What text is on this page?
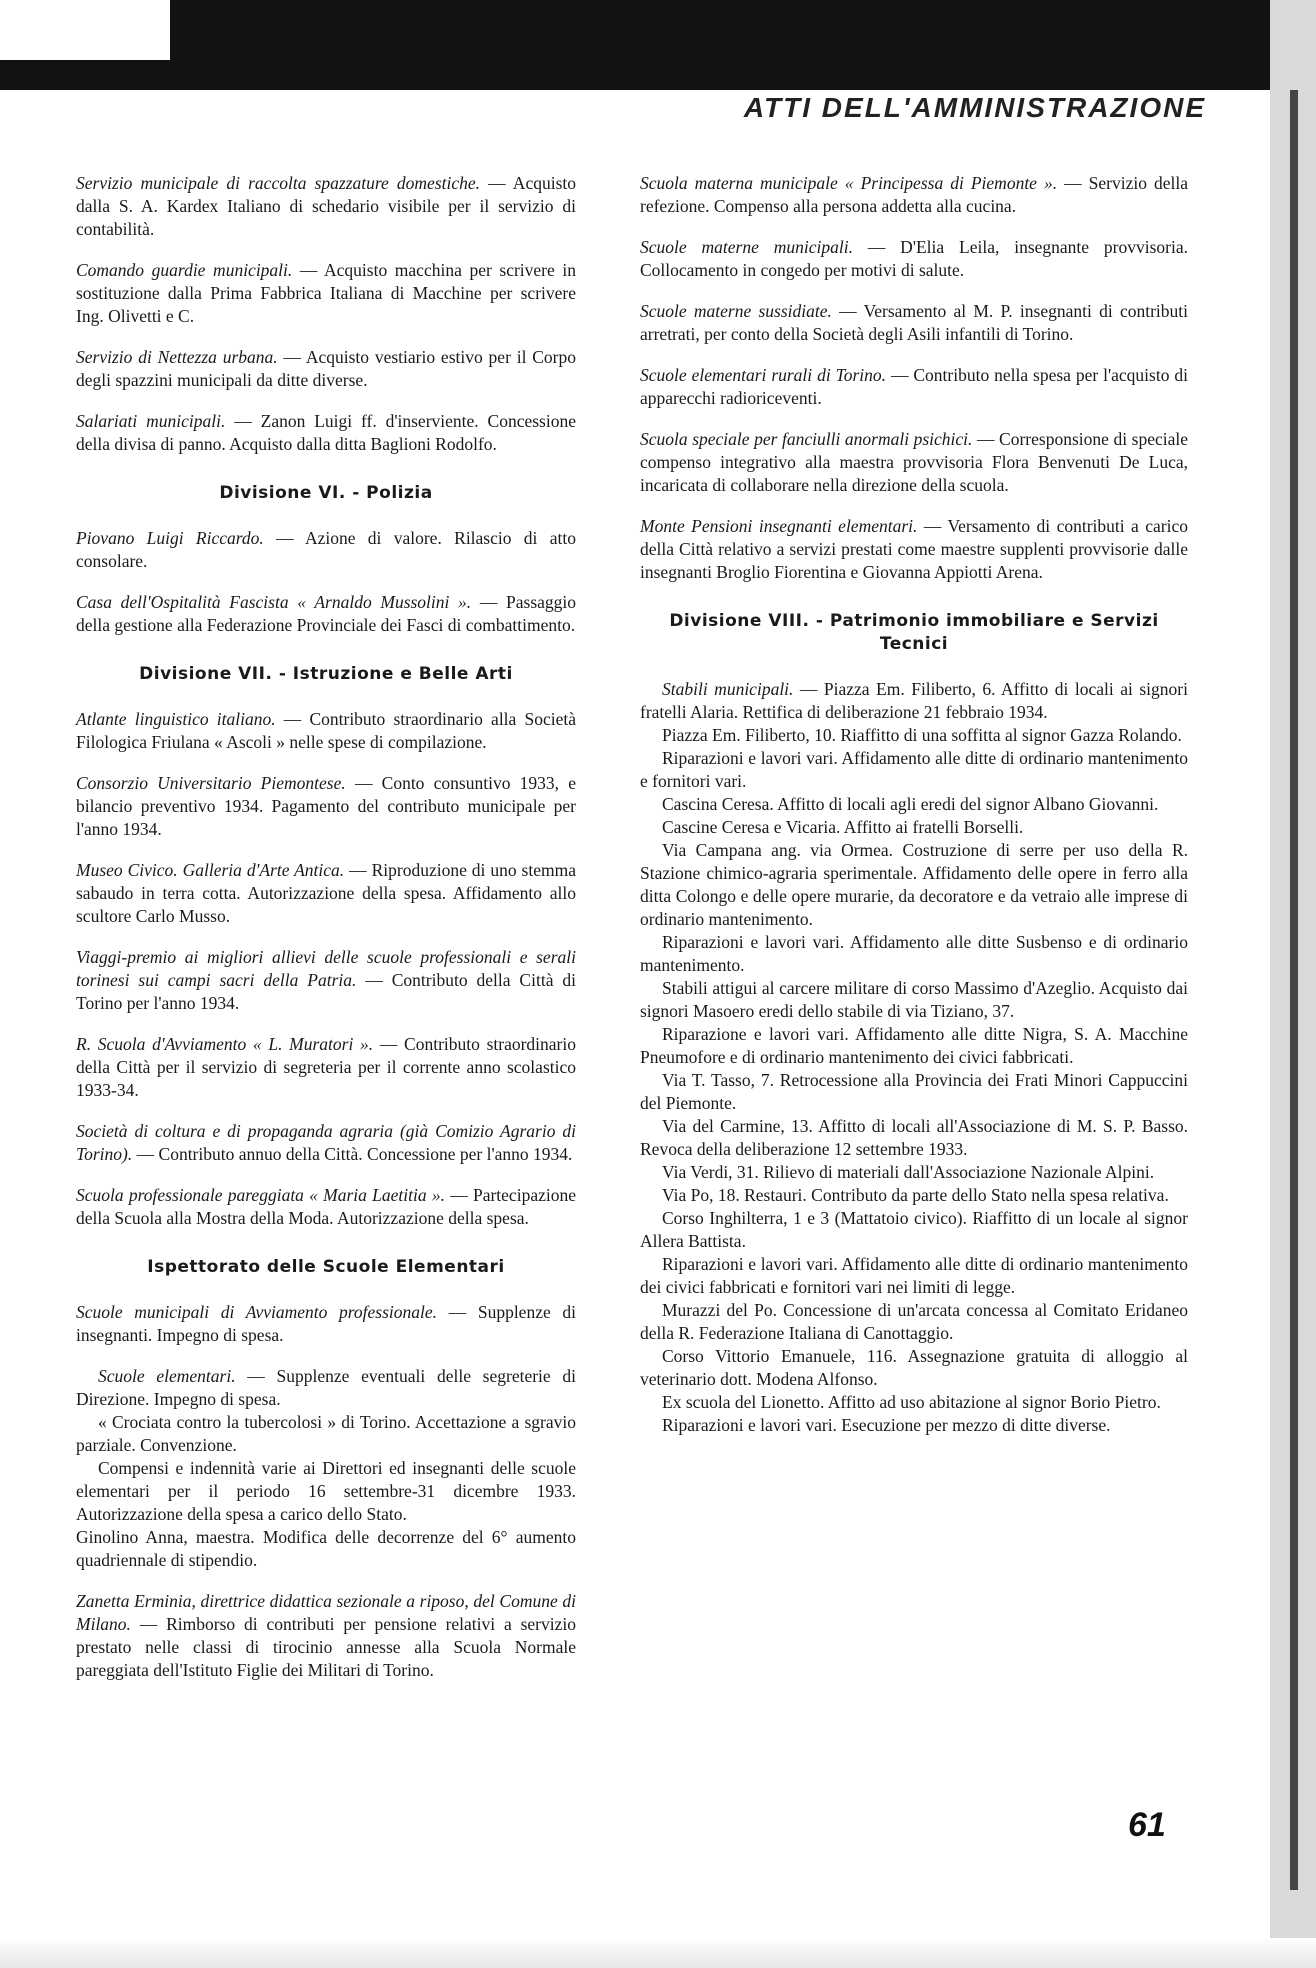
ATTI DELL'AMMINISTRAZIONE

Servizio municipale di raccolta spazzature domestiche. — Acquisto dalla S. A. Kardex Italiano di schedario visibile per il servizio di contabilità.

Comando guardie municipali. — Acquisto macchina per scrivere in sostituzione dalla Prima Fabbrica Italiana di Macchine per scrivere Ing. Olivetti e C.

Servizio di Nettezza urbana. — Acquisto vestiario estivo per il Corpo degli spazzini municipali da ditte diverse.

Salariati municipali. — Zanon Luigi ff. d'inserviente. Concessione della divisa di panno. Acquisto dalla ditta Baglioni Rodolfo.

Divisione VI. - Polizia

Piovano Luigi Riccardo. — Azione di valore. Rilascio di atto consolare.

Casa dell'Ospitalità Fascista « Arnaldo Mussolini ». — Passaggio della gestione alla Federazione Provinciale dei Fasci di combattimento.

Divisione VII. - Istruzione e Belle Arti

Atlante linguistico italiano. — Contributo straordinario alla Società Filologica Friulana « Ascoli » nelle spese di compilazione.

Consorzio Universitario Piemontese. — Conto consuntivo 1933, e bilancio preventivo 1934. Pagamento del contributo municipale per l'anno 1934.

Museo Civico. Galleria d'Arte Antica. — Riproduzione di uno stemma sabaudo in terra cotta. Autorizzazione della spesa. Affidamento allo scultore Carlo Musso.

Viaggi-premio ai migliori allievi delle scuole professionali e serali torinesi sui campi sacri della Patria. — Contributo della Città di Torino per l'anno 1934.

R. Scuola d'Avviamento « L. Muratori ». — Contributo straordinario della Città per il servizio di segreteria per il corrente anno scolastico 1933-34.

Società di coltura e di propaganda agraria (già Comizio Agrario di Torino). — Contributo annuo della Città. Concessione per l'anno 1934.

Scuola professionale pareggiata « Maria Laetitia ». — Partecipazione della Scuola alla Mostra della Moda. Autorizzazione della spesa.

Ispettorato delle Scuole Elementari

Scuole municipali di Avviamento professionale. — Supplenze di insegnanti. Impegno di spesa.

Scuole elementari. — Supplenze eventuali delle segreterie di Direzione. Impegno di spesa.

« Crociata contro la tubercolosi » di Torino. Accettazione a sgravio parziale. Convenzione.

Compensi e indennità varie ai Direttori ed insegnanti delle scuole elementari per il periodo 16 settembre-31 dicembre 1933. Autorizzazione della spesa a carico dello Stato.

Ginolino Anna, maestra. Modifica delle decorrenze del 6° aumento quadriennale di stipendio.

Zanetta Erminia, direttrice didattica sezionale a riposo, del Comune di Milano. — Rimborso di contributi per pensione relativi a servizio prestato nelle classi di tirocinio annesse alla Scuola Normale pareggiata dell'Istituto Figlie dei Militari di Torino.

Scuola materna municipale « Principessa di Piemonte ». — Servizio della refezione. Compenso alla persona addetta alla cucina.

Scuole materne municipali. — D'Elia Leila, insegnante provvisoria. Collocamento in congedo per motivi di salute.

Scuole materne sussidiate. — Versamento al M. P. insegnanti di contributi arretrati, per conto della Società degli Asili infantili di Torino.

Scuole elementari rurali di Torino. — Contributo nella spesa per l'acquisto di apparecchi radioriceventi.

Scuola speciale per fanciulli anormali psichici. — Corresponsione di speciale compenso integrativo alla maestra provvisoria Flora Benvenuti De Luca, incaricata di collaborare nella direzione della scuola.

Monte Pensioni insegnanti elementari. — Versamento di contributi a carico della Città relativo a servizi prestati come maestre supplenti provvisorie dalle insegnanti Broglio Fiorentina e Giovanna Appiotti Arena.

Divisione VIII. - Patrimonio immobiliare e Servizi Tecnici

Stabili municipali. — Piazza Em. Filiberto, 6. Affitto di locali ai signori fratelli Alaria. Rettifica di deliberazione 21 febbraio 1934.

Piazza Em. Filiberto, 10. Riaffitto di una soffitta al signor Gazza Rolando.

Riparazioni e lavori vari. Affidamento alle ditte di ordinario mantenimento e fornitori vari.

Cascina Ceresa. Affitto di locali agli eredi del signor Albano Giovanni.

Cascine Ceresa e Vicaria. Affitto ai fratelli Borselli.

Via Campana ang. via Ormea. Costruzione di serre per uso della R. Stazione chimico-agraria sperimentale. Affidamento delle opere in ferro alla ditta Colongo e delle opere murarie, da decoratore e da vetraio alle imprese di ordinario mantenimento.

Riparazioni e lavori vari. Affidamento alle ditte Susbenso e di ordinario mantenimento.

Stabili attigui al carcere militare di corso Massimo d'Azeglio. Acquisto dai signori Masoero eredi dello stabile di via Tiziano, 37.

Riparazione e lavori vari. Affidamento alle ditte Nigra, S. A. Macchine Pneumofore e di ordinario mantenimento dei civici fabbricati.

Via T. Tasso, 7. Retrocessione alla Provincia dei Frati Minori Cappuccini del Piemonte.

Via del Carmine, 13. Affitto di locali all'Associazione di M. S. P. Basso. Revoca della deliberazione 12 settembre 1933.

Via Verdi, 31. Rilievo di materiali dall'Associazione Nazionale Alpini.

Via Po, 18. Restauri. Contributo da parte dello Stato nella spesa relativa.

Corso Inghilterra, 1 e 3 (Mattatoio civico). Riaffitto di un locale al signor Allera Battista.

Riparazioni e lavori vari. Affidamento alle ditte di ordinario mantenimento dei civici fabbricati e fornitori vari nei limiti di legge.

Murazzi del Po. Concessione di un'arcata concessa al Comitato Eridaneo della R. Federazione Italiana di Canottaggio.

Corso Vittorio Emanuele, 116. Assegnazione gratuita di alloggio al veterinario dott. Modena Alfonso.

Ex scuola del Lionetto. Affitto ad uso abitazione al signor Borio Pietro.

Riparazioni e lavori vari. Esecuzione per mezzo di ditte diverse.

61
